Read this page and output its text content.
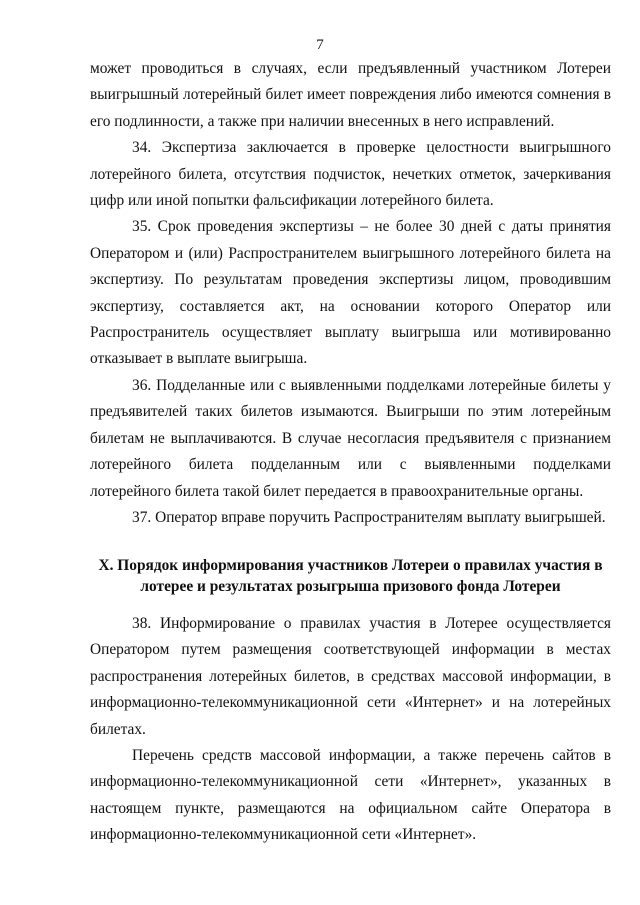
7

может проводиться в случаях, если предъявленный участником Лотереи выигрышный лотерейный билет имеет повреждения либо имеются сомнения в его подлинности, а также при наличии внесенных в него исправлений.

34. Экспертиза заключается в проверке целостности выигрышного лотерейного билета, отсутствия подчисток, нечетких отметок, зачеркивания цифр или иной попытки фальсификации лотерейного билета.

35. Срок проведения экспертизы – не более 30 дней с даты принятия Оператором и (или) Распространителем выигрышного лотерейного билета на экспертизу. По результатам проведения экспертизы лицом, проводившим экспертизу, составляется акт, на основании которого Оператор или Распространитель осуществляет выплату выигрыша или мотивированно отказывает в выплате выигрыша.

36. Подделанные или с выявленными подделками лотерейные билеты у предъявителей таких билетов изымаются. Выигрыши по этим лотерейным билетам не выплачиваются. В случае несогласия предъявителя с признанием лотерейного билета подделанным или с выявленными подделками лотерейного билета такой билет передается в правоохранительные органы.

37. Оператор вправе поручить Распространителям выплату выигрышей.

X. Порядок информирования участников Лотереи о правилах участия в лотерее и результатах розыгрыша призового фонда Лотереи

38. Информирование о правилах участия в Лотерее осуществляется Оператором путем размещения соответствующей информации в местах распространения лотерейных билетов, в средствах массовой информации, в информационно-телекоммуникационной сети «Интернет» и на лотерейных билетах.

Перечень средств массовой информации, а также перечень сайтов в информационно-телекоммуникационной сети «Интернет», указанных в настоящем пункте, размещаются на официальном сайте Оператора в информационно-телекоммуникационной сети «Интернет».
